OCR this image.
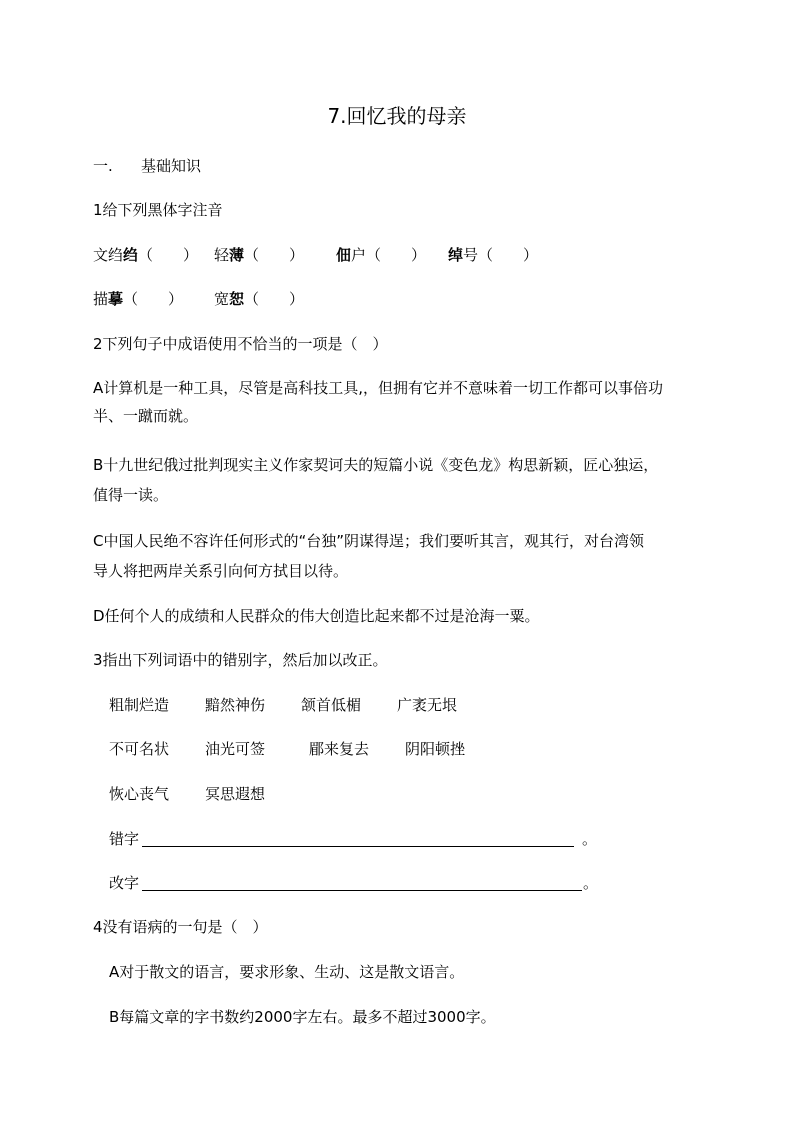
7.回忆我的母亲
一. 基础知识
1给下列黑体字注音
文绉绉（　　） 轻薄（　　） 佃户（　　） 绰号（　　）
描摹（　　） 宽恕（　　）
2下列句子中成语使用不恰当的一项是（　）
A计算机是一种工具，尽管是高科技工具,，但拥有它并不意味着一切工作都可以事倍功
半、一蹴而就。
B十九世纪俄过批判现实主义作家契诃夫的短篇小说《变色龙》构思新颖，匠心独运，
值得一读。
C中国人民绝不容许任何形式的“台独”阴谋得逞；我们要听其言，观其行，对台湾领
导人将把两岸关系引向何方拭目以待。
D任何个人的成绩和人民群众的伟大创造比起来都不过是沧海一粟。
3指出下列词语中的错别字，然后加以改正。
粗制烂造 黯然神伤 颔首低楣 广袤无垠
不可名状 油光可签	郿来复去 阴阳顿挫
恢心丧气 冥思遐想
错字	。
改字	。
4没有语病的一句是（　）
A对于散文的语言，要求形象、生动、这是散文语言。
B每篇文章的字书数约2000字左右。最多不超过3000字。
